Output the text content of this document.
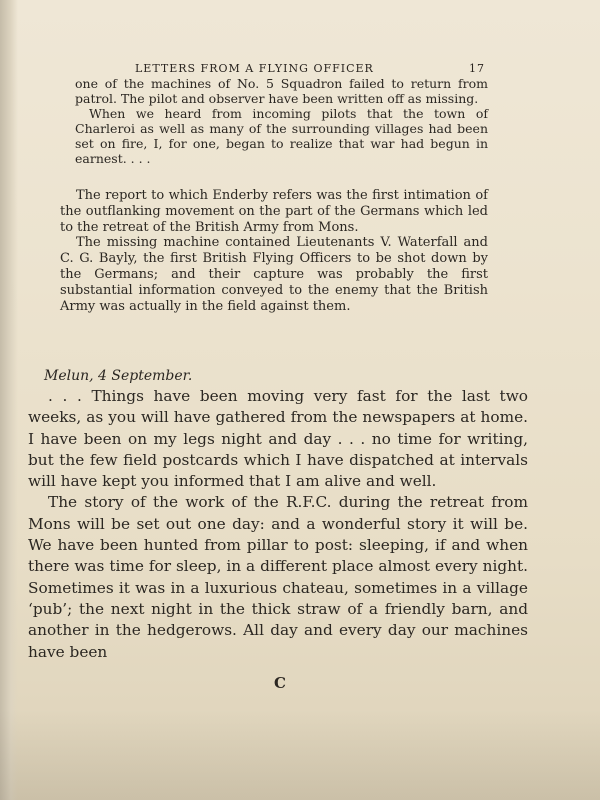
LETTERS FROM A FLYING OFFICER	17

one of the machines of No. 5 Squadron failed to return from patrol. The pilot and observer have been written off as missing.

When we heard from incoming pilots that the town of Charleroi as well as many of the surrounding villages had been set on fire, I, for one, began to realize that war had begun in earnest. . . .

The report to which Enderby refers was the first intimation of the outflanking movement on the part of the Germans which led to the retreat of the British Army from Mons.

The missing machine contained Lieutenants V. Waterfall and C. G. Bayly, the first British Flying Officers to be shot down by the Germans; and their capture was probably the first substantial information conveyed to the enemy that the British Army was actually in the field against them.

Melun, 4 September.

. . . Things have been moving very fast for the last two weeks, as you will have gathered from the newspapers at home. I have been on my legs night and day . . . no time for writing, but the few field postcards which I have dispatched at intervals will have kept you informed that I am alive and well.

The story of the work of the R.F.C. during the retreat from Mons will be set out one day: and a wonderful story it will be. We have been hunted from pillar to post: sleeping, if and when there was time for sleep, in a different place almost every night. Sometimes it was in a luxurious chateau, sometimes in a village ‘pub’; the next night in the thick straw of a friendly barn, and another in the hedgerows. All day and every day our machines have been

C
